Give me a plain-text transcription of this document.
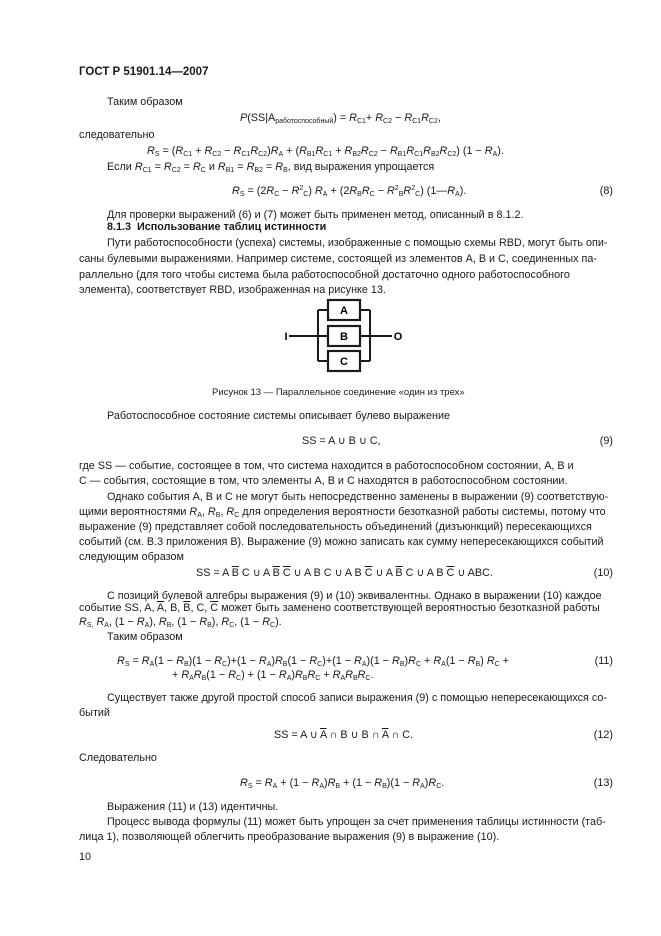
ГОСТ Р 51901.14—2007
Таким образом
$P(SS|A_{работоспособный}) = R_{C1}+ R_{C2} - R_{C1}R_{C2}$,
следовательно
$R_S = (R_{C1} + R_{C2} - R_{C1}R_{C2})R_A + (R_{B1}R_{C1} + R_{B2}R_{C2} - R_{B1}R_{C1}R_{B2}R_{C2}) (1 - R_A)$.
Если $R_{C1} = R_{C2} = R_C$ и $R_{B1} = R_{B2} = R_B$, вид выражения упрощается
$R_S = (2R_C - R^2_C) R_A + (2R_BR_C - R^2_BR^2_C)$ $(1—R_A)$.	(8)
Для проверки выражений (6) и (7) может быть применен метод, описанный в 8.1.2.
8.1.3 Использование таблиц истинности
Пути работоспособности (успеха) системы, изображенные с помощью схемы RBD, могут быть опи-
саны булевыми выражениями. Например системе, состоящей из элементов A, B и C, соединенных па-
раллельно (для того чтобы система была работоспособной достаточно одного работоспособного
элемента), соответствует RBD, изображенная на рисунке 13.
A
B
C
I	O
Рисунок 13 — Параллельное соединение «один из трех»
Работоспособное состояние системы описывает булево выражение
SS = A ∪ B ∪ C,	(9)
где SS — событие, состоящее в том, что система находится в работоспособном состоянии, A, B и
C — события, состоящие в том, что элементы A, B и C находятся в работоспособном состоянии.
Однако события A, B и C не могут быть непосредственно заменены в выражении (9) соответствую-
щими вероятностями $R_A$, $R_B$, $R_C$ для определения вероятности безотказной работы системы, потому что
выражение (9) представляет собой последовательность объединений (дизъюнкций) пересекающихся
событий (см. B.3 приложения B). Выражение (9) можно записать как сумму непересекающихся событий
следующим образом
SS = A $\overline{B}$ C ∪ A $\overline{B}$ $\overline{C}$ ∪ A B C ∪ A B $\overline{C}$ ∪ A $\overline{B}$ C ∪ A B $\overline{C}$ ∪ ABC.	(10)
С позиций булевой алгебры выражения (9) и (10) эквивалентны. Однако в выражении (10) каждое
событие SS, A, $\overline{A}$, B, $\overline{B}$, C, $\overline{C}$ может быть заменено соответствующей вероятностью безотказной работы
$R_{S,}$ $R_A$, $(1 - R_A)$, $R_B$, $(1 - R_B)$, $R_C$, $(1 - R_C)$.
Таким образом
$R_S = R_A(1 - R_B)(1 - R_C)+(1 - R_A)R_B(1 - R_C)+(1 - R_A)(1 - R_B)R_C + R_A(1 - R_B) R_C$ +
+ $R_AR_B(1 - R_C) + (1 - R_A)R_BR_C + R_AR_BR_C$.
(11)
Существует также другой простой способ записи выражения (9) с помощью непересекающихся со-
бытий
SS = A ∪ $\overline{A}$ ∩ B ∪ B ∩ $\overline{A}$ ∩ C.	(12)
Следовательно
$R_S = R_A + (1 - R_A)R_B + (1 - R_B)(1 - R_A)R_C$.	(13)
Выражения (11) и (13) идентичны.
Процесс вывода формулы (11) может быть упрощен за счет применения таблицы истинности (таб-
лица 1), позволяющей облегчить преобразование выражения (9) в выражение (10).
10
